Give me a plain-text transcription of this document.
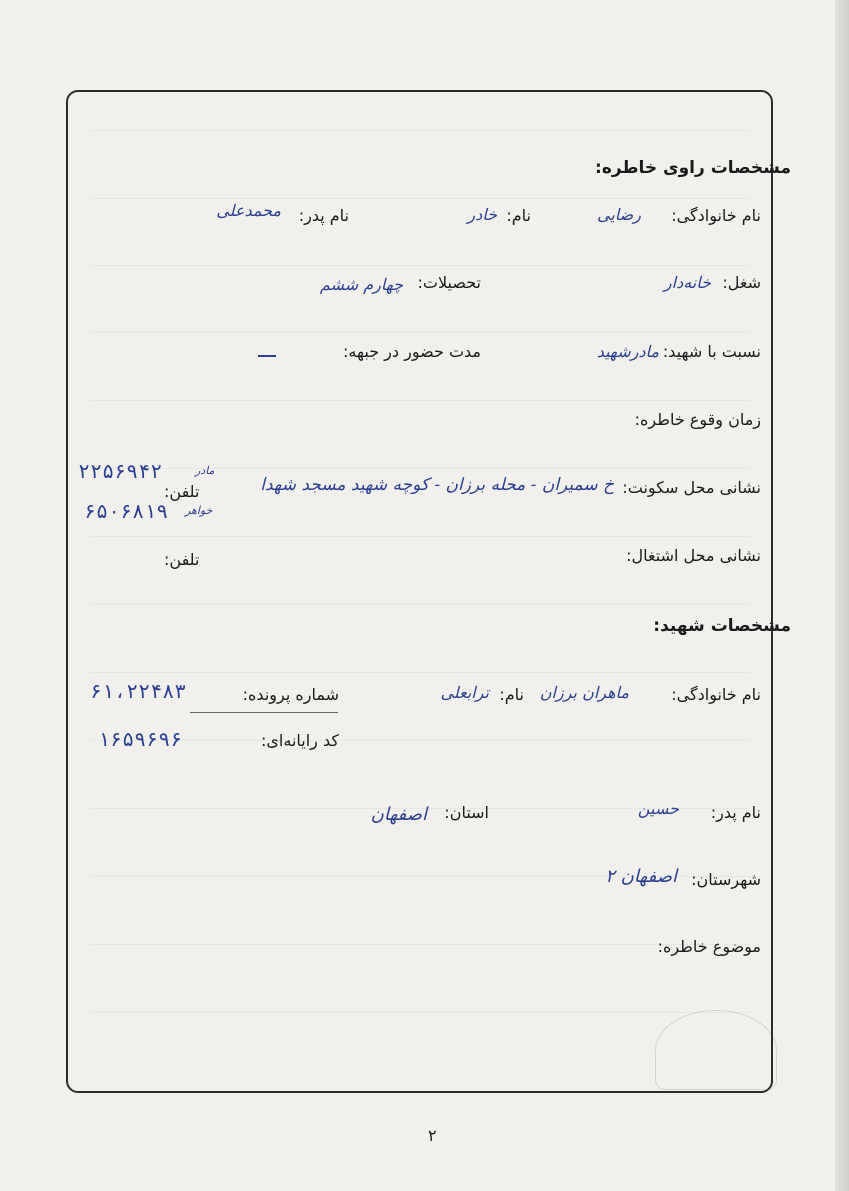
مشخصات راوی خاطره:
نام خانوادگی:
رضایی
نام:
خادر
نام پدر:
محمدعلی
شغل:
خانه‌دار
تحصیلات:
چهارم ششم
نسبت با شهید:
مادرشهید
مدت حضور در جبهه:
زمان وقوع خاطره:
نشانی محل سکونت:
خ سمیران - محله برزان - کوچه شهید مسجد شهدا
تلفن:
مادر
۲۲۵۶۹۴۲
خواهر
۶۵۰۶۸۱۹
نشانی محل اشتغال:
تلفن:
مشخصات شهید:
نام خانوادگی:
ماهران برزان
نام:
ترابعلی
شماره پرونده:
۶۱،۲۲۴۸۳
کد رایانه‌ای:
۱۶۵۹۶۹۶
نام پدر:
حسین
استان:
اصفهان
شهرستان:
اصفهان ۲
موضوع خاطره:
۲
